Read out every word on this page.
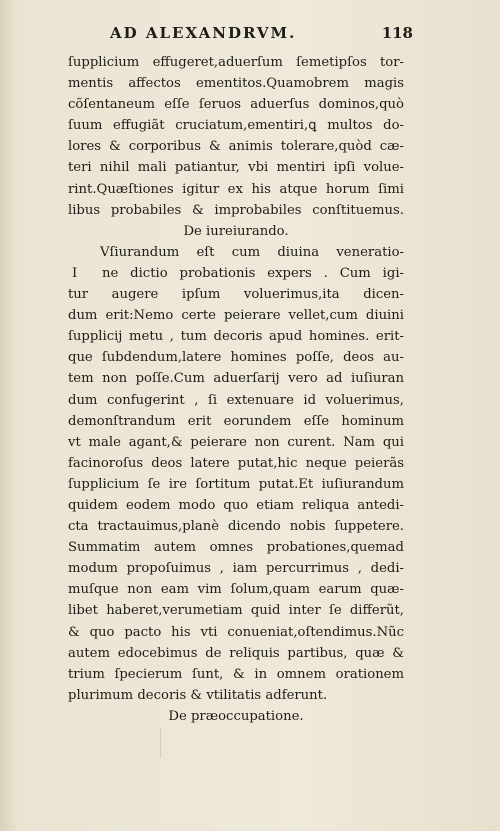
AD ALEXANDRVM.	118
ſupplicium effugeret,aduerſum ſemetipſos tor-
mentis affectos ementitos.Quamobrem magis
cõſentaneum eſſe ſeruos aduerſus dominos,quò
ſuum effugiãt cruciatum,ementiri,ꝗ multos do-
lores & corporibus & animis tolerare,quòd cæ-
teri nihil mali patiantur, vbi mentiri ipſi volue-
rint.Quæſtiones igitur ex his atque horum ſimi
libus probabiles & improbabiles conſtituemus.
De iureiurando.
Vſiurandum eſt cum diuina veneratio-
I	ne dictio probationis expers . Cum igi-
tur augere ipſum voluerimus,ita dicen-
dum erit:Nemo certe peierare vellet,cum diuini
ſupplicij metu , tum decoris apud homines. erit-
que ſubdendum,latere homines poſſe, deos au-
tem non poſſe.Cum aduerſarij vero ad iuſiuran
dum confugerint , ſi extenuare id voluerimus,
demonſtrandum erit eorundem eſſe hominum
vt male agant,& peierare non curent. Nam qui
facinoroſus deos latere putat,hic neque peierãs
ſupplicium ſe ire ſortitum putat.Et iuſiurandum
quidem eodem modo quo etiam reliqua antedi-
cta tractauimus,planè dicendo nobis ſuppetere.
Summatim autem omnes probationes,quemad
modum propoſuimus , iam percurrimus , dedi-
muſque non eam vim ſolum,quam earum quæ-
libet haberet,verumetiam quid inter ſe differũt,
& quo pacto his vti conueniat,oſtendimus.Nũc
autem edocebimus de reliquis partibus, quæ &
trium ſpecierum ſunt, & in omnem orationem
plurimum decoris & vtilitatis adferunt.
De præoccupatione.
